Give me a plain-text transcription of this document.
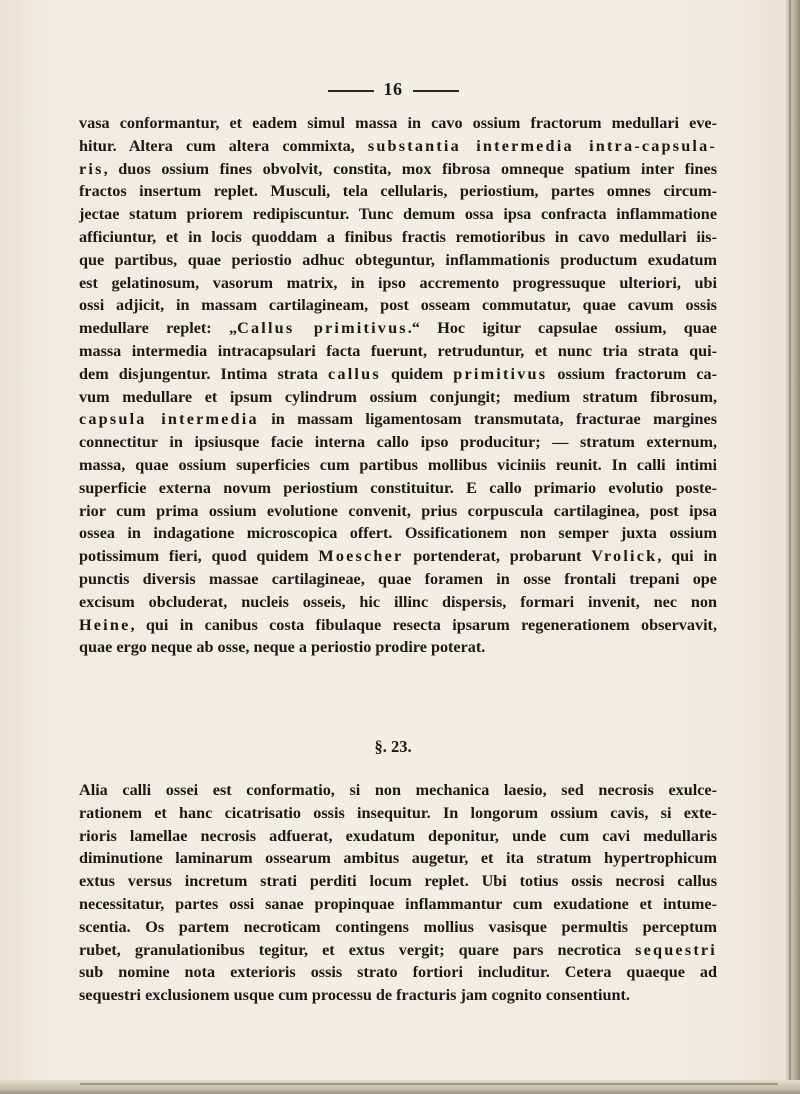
16
vasa conformantur, et eadem simul massa in cavo ossium fractorum medullari eve-
hitur. Altera cum altera commixta, substantia intermedia intra-capsula-
ris, duos ossium fines obvolvit, constita, mox fibrosa omneque spatium inter fines
fractos insertum replet. Musculi, tela cellularis, periostium, partes omnes circum-
jectae statum priorem redipiscuntur. Tunc demum ossa ipsa confracta inflammatione
afficiuntur, et in locis quoddam a finibus fractis remotioribus in cavo medullari iis-
que partibus, quae periostio adhuc obteguntur, inflammationis productum exudatum
est gelatinosum, vasorum matrix, in ipso accremento progressuque ulteriori, ubi
ossi adjicit, in massam cartilagineam, post osseam commutatur, quae cavum ossis
medullare replet: „Callus primitivus.“ Hoc igitur capsulae ossium, quae
massa intermedia intracapsulari facta fuerunt, retruduntur, et nunc tria strata qui-
dem disjungentur. Intima strata callus quidem primitivus ossium fractorum ca-
vum medullare et ipsum cylindrum ossium conjungit; medium stratum fibrosum,
capsula intermedia in massam ligamentosam transmutata, fracturae margines
connectitur in ipsiusque facie interna callo ipso producitur; — stratum externum,
massa, quae ossium superficies cum partibus mollibus viciniis reunit. In calli intimi
superficie externa novum periostium constituitur. E callo primario evolutio poste-
rior cum prima ossium evolutione convenit, prius corpuscula cartilaginea, post ipsa
ossea in indagatione microscopica offert. Ossificationem non semper juxta ossium
potissimum fieri, quod quidem Moescher portenderat, probarunt Vrolick, qui in
punctis diversis massae cartilagineae, quae foramen in osse frontali trepani ope
excisum obcluderat, nucleis osseis, hic illinc dispersis, formari invenit, nec non
Heine, qui in canibus costa fibulaque resecta ipsarum regenerationem observavit,
quae ergo neque ab osse, neque a periostio prodire poterat.
§. 23.
Alia calli ossei est conformatio, si non mechanica laesio, sed necrosis exulce-
rationem et hanc cicatrisatio ossis insequitur. In longorum ossium cavis, si exte-
rioris lamellae necrosis adfuerat, exudatum deponitur, unde cum cavi medullaris
diminutione laminarum ossearum ambitus augetur, et ita stratum hypertrophicum
extus versus incretum strati perditi locum replet. Ubi totius ossis necrosi callus
necessitatur, partes ossi sanae propinquae inflammantur cum exudatione et intume-
scentia. Os partem necroticam contingens mollius vasisque permultis perceptum
rubet, granulationibus tegitur, et extus vergit; quare pars necrotica sequestri
sub nomine nota exterioris ossis strato fortiori includitur. Cetera quaeque ad
sequestri exclusionem usque cum processu de fracturis jam cognito consentiunt.
